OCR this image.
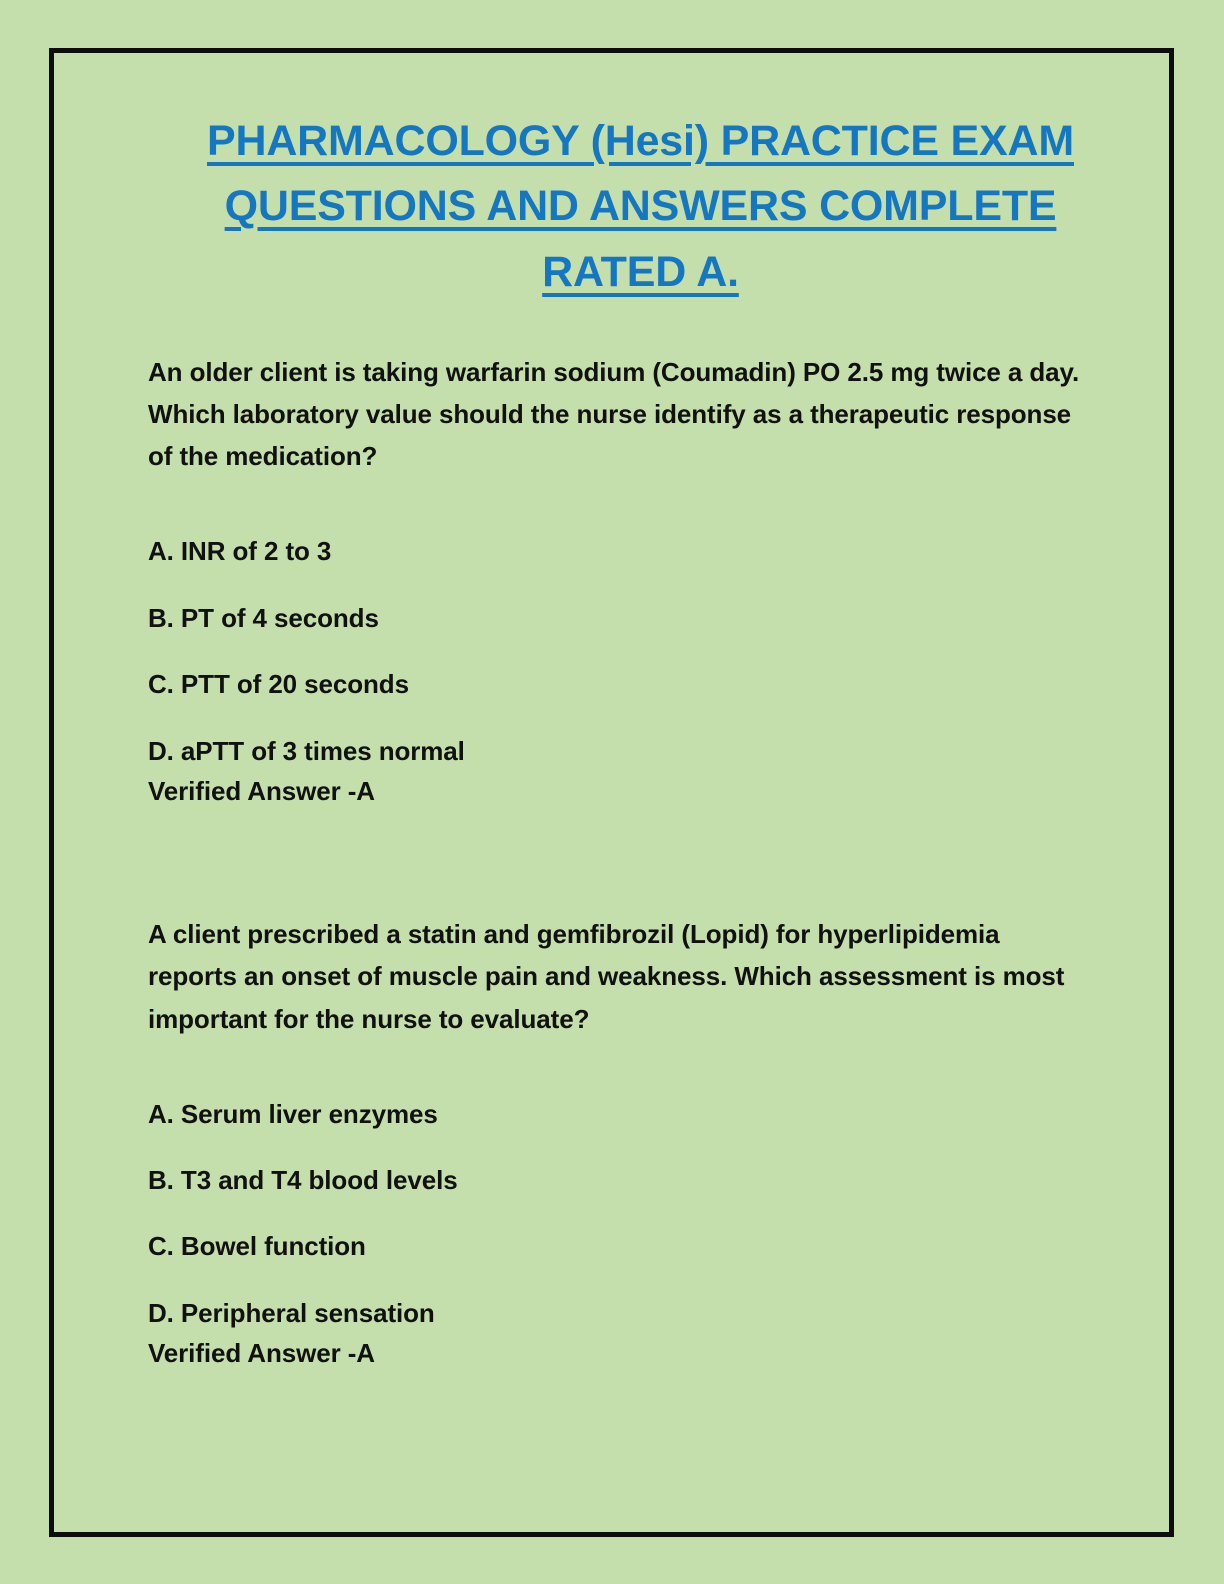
PHARMACOLOGY (Hesi) PRACTICE EXAM
QUESTIONS AND ANSWERS COMPLETE
RATED A.

An older client is taking warfarin sodium (Coumadin) PO 2.5 mg twice a day. Which laboratory value should the nurse identify as a therapeutic response of the medication?

A. INR of 2 to 3
B. PT of 4 seconds
C. PTT of 20 seconds
D. aPTT of 3 times normal

Verified Answer -A

A client prescribed a statin and gemfibrozil (Lopid) for hyperlipidemia reports an onset of muscle pain and weakness. Which assessment is most important for the nurse to evaluate?

A. Serum liver enzymes
B. T3 and T4 blood levels
C. Bowel function
D. Peripheral sensation

Verified Answer -A
